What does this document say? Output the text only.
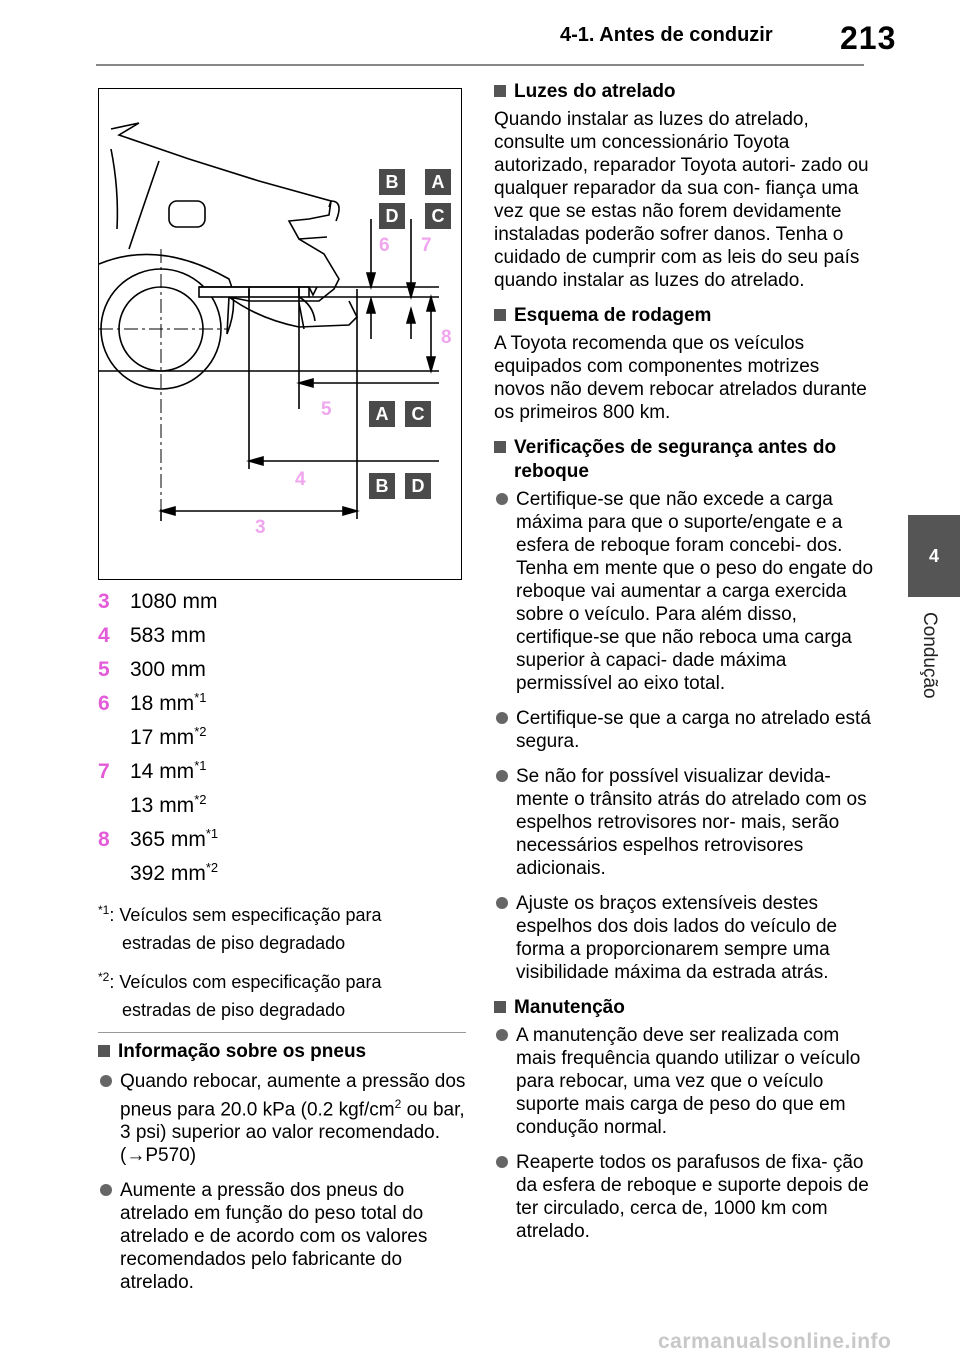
4-1. Antes de conduzir 213
4
Condução
B	A
D	C
A	C
B	D
6 7
8
5
4
3
3 1080 mm
4 583 mm
5 300 mm
6 18 $mm^{*1}$
17 $mm^{*2}$
7 14 $mm^{*1}$
13 $mm^{*2}$
8 365 $mm^{*1}$
392 $mm^{*2}$
$^{*1}$: Veículos sem especificação para
estradas de piso degradado
$^{*2}$: Veículos com especificação para
estradas de piso degradado
Informação sobre os pneus
Quando rebocar, aumente a pressão dos pneus para 20.0 kPa (0.2 kgf/$cm^2$ ou bar, 3 psi) superior ao valor recomendado. (→P570)
Aumente a pressão dos pneus do atrelado em função do peso total do atrelado e de acordo com os valores recomendados pelo fabricante do atrelado.
Luzes do atrelado
Quando instalar as luzes do atrelado, consulte um concessionário Toyota autorizado, reparador Toyota autori- zado ou qualquer reparador da sua con- fiança uma vez que se estas não forem devidamente instaladas poderão sofrer danos. Tenha o cuidado de cumprir com as leis do seu país quando instalar as luzes do atrelado.
Esquema de rodagem
A Toyota recomenda que os veículos equipados com componentes motrizes novos não devem rebocar atrelados durante os primeiros 800 km.
Verificações de segurança antes do reboque
Certifique-se que não excede a carga máxima para que o suporte/engate e a esfera de reboque foram concebi- dos. Tenha em mente que o peso do engate do reboque vai aumentar a carga exercida sobre o veículo. Para além disso, certifique-se que não reboca uma carga superior à capaci- dade máxima permissível ao eixo total.
Certifique-se que a carga no atrelado está segura.
Se não for possível visualizar devida- mente o trânsito atrás do atrelado com os espelhos retrovisores nor- mais, serão necessários espelhos retrovisores adicionais.
Ajuste os braços extensíveis destes espelhos dos dois lados do veículo de forma a proporcionarem sempre uma visibilidade máxima da estrada atrás.
Manutenção
A manutenção deve ser realizada com mais frequência quando utilizar o veículo para rebocar, uma vez que o veículo suporte mais carga de peso do que em condução normal.
Reaperte todos os parafusos de fixa- ção da esfera de reboque e suporte depois de ter circulado, cerca de, 1000 km com atrelado.
carmanualsonline.info
